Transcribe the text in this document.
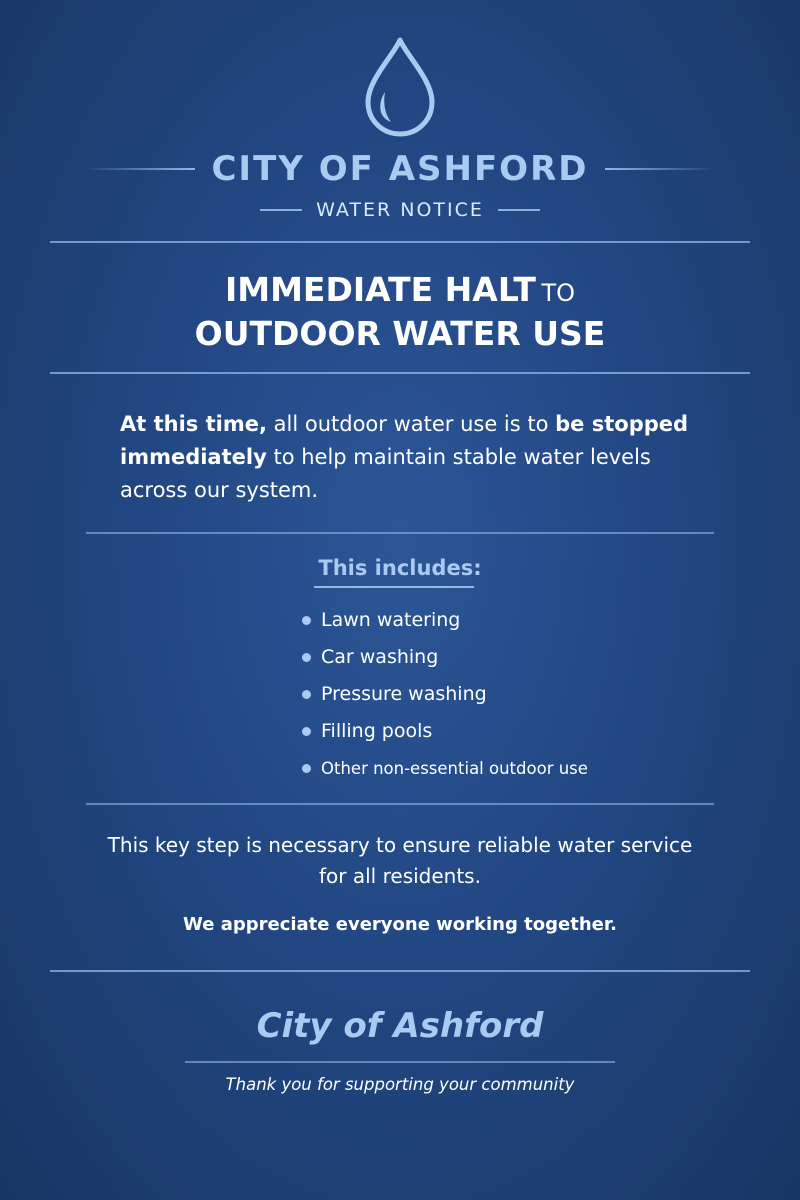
CITY OF ASHFORD
WATER NOTICE
IMMEDIATE HALT TO
OUTDOOR WATER USE
At this time, all outdoor water use is to be stopped immediately to help maintain stable water levels across our system.
This includes:
Lawn watering
Car washing
Pressure washing
Filling pools
Other non-essential outdoor use
This key step is necessary to ensure reliable water service for all residents.
We appreciate everyone working together.
City of Ashford
Thank you for supporting your community
